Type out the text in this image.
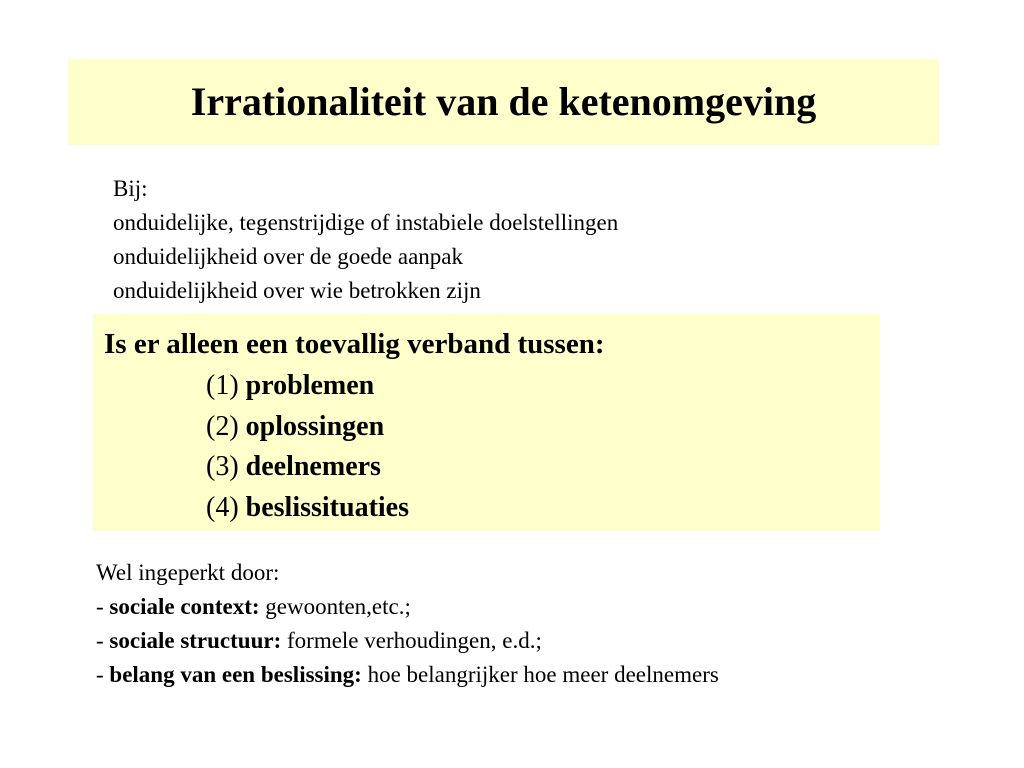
Irrationaliteit van de ketenomgeving
Bij:
onduidelijke, tegenstrijdige of instabiele doelstellingen
onduidelijkheid over de goede aanpak
onduidelijkheid over wie betrokken zijn
Is er alleen een toevallig verband tussen:
(1) problemen
(2) oplossingen
(3) deelnemers
(4) beslissituaties
Wel ingeperkt door:
- sociale context: gewoonten,etc.;
- sociale structuur: formele verhoudingen, e.d.;
- belang van een beslissing: hoe belangrijker hoe meer deelnemers
